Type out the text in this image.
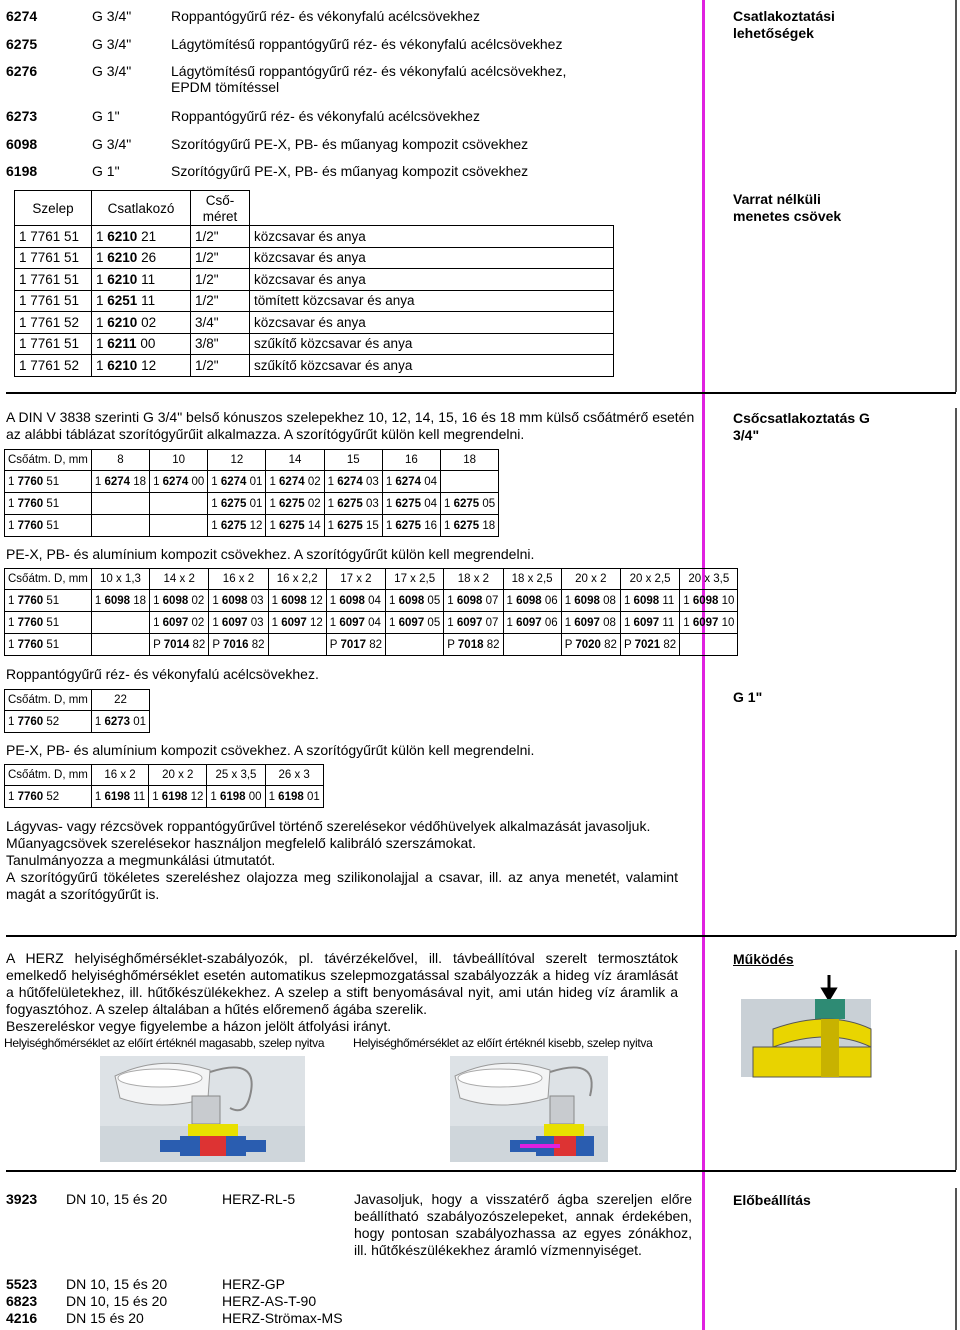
6274	G 3/4"	Roppantógyűrű réz- és vékonyfalú acélcsövekhez
6275	G 3/4"	Lágytömítésű roppantógyűrű réz- és vékonyfalú acélcsövekhez
6276	G 3/4"	Lágytömítésű roppantógyűrű réz- és vékonyfalú acélcsövekhez,
EPDM tömítéssel
6273	G 1"	Roppantógyűrű réz- és vékonyfalú acélcsövekhez
6098	G 3/4"	Szorítógyűrű PE-X, PB- és műanyag kompozit csövekhez
6198	G 1"	Szorítógyűrű PE-X, PB- és műanyag kompozit csövekhez
Csatlakoztatási lehetőségek
Varrat nélküli menetes csövek
Csőcsatlakoztatás G 3/4"
G 1"
Működés
Előbeállítás
Szelep	Csatlakozó	Cső-
méret	
1 7761 51	1 6210 21	1/2"	közcsavar és anya
1 7761 51	1 6210 26	1/2"	közcsavar és anya
1 7761 51	1 6210 11	1/2"	közcsavar és anya
1 7761 51	1 6251 11	1/2"	tömített közcsavar és anya
1 7761 52	1 6210 02	3/4"	közcsavar és anya
1 7761 51	1 6211 00	3/8"	szűkítő közcsavar és anya
1 7761 52	1 6210 12	1/2"	szűkítő közcsavar és anya
A DIN V 3838 szerinti G 3/4" belső kónuszos szelepekhez 10, 12, 14, 15, 16 és 18 mm külső csőátmérő esetén az alábbi táblázat szorítógyűrűit alkalmazza. A szorítógyűrűt külön kell megrendelni.
Csőátm. D, mm	8	10	12	14	15	16	18
1 7760 51	1 6274 18	1 6274 00	1 6274 01	1 6274 02	1 6274 03	1 6274 04	
1 7760 51			1 6275 01	1 6275 02	1 6275 03	1 6275 04	1 6275 05
1 7760 51			1 6275 12	1 6275 14	1 6275 15	1 6275 16	1 6275 18
PE-X, PB- és alumínium kompozit csövekhez. A szorítógyűrűt külön kell megrendelni.
Csőátm. D, mm	10 x 1,3	14 x 2	16 x 2	16 x 2,2	17 x 2	17 x 2,5	18 x 2	18 x 2,5	20 x 2	20 x 2,5	20 x 3,5
1 7760 51	1 6098 18	1 6098 02	1 6098 03	1 6098 12	1 6098 04	1 6098 05	1 6098 07	1 6098 06	1 6098 08	1 6098 11	1 6098 10
1 7760 51		1 6097 02	1 6097 03	1 6097 12	1 6097 04	1 6097 05	1 6097 07	1 6097 06	1 6097 08	1 6097 11	1 6097 10
1 7760 51		P 7014 82	P 7016 82		P 7017 82		P 7018 82		P 7020 82	P 7021 82	
Roppantógyűrű réz- és vékonyfalú acélcsövekhez.
Csőátm. D, mm	22
1 7760 52	1 6273 01
PE-X, PB- és alumínium kompozit csövekhez. A szorítógyűrűt külön kell megrendelni.
Csőátm. D, mm	16 x 2	20 x 2	25 x 3,5	26 x 3
1 7760 52	1 6198 11	1 6198 12	1 6198 00	1 6198 01

Lágyvas- vagy rézcsövek roppantógyűrűvel történő szerelésekor védőhüvelyek alkalmazását javasoljuk.

Műanyagcsövek szerelésekor használjon megfelelő kalibráló szerszámokat.

Tanulmányozza a megmunkálási útmutatót.

A szorítógyűrű tökéletes szereléshez olajozza meg szilikonolajjal a csavar, ill. az anya menetét, valamint magát a szorítógyűrűt is.

A HERZ helyiséghőmérséklet-szabályozók, pl. távérzékelővel, ill. távbeállítóval szerelt termosztátok emelkedő helyiséghőmérséklet esetén automatikus szelepmozgatással szabályozzák a hideg víz áramlását a hűtőfelületekhez, ill. hűtőkészülékekhez. A szelep a stift benyomásával nyit, ami után hideg víz áramlik a fogyasztóhoz. A szelep általában a hűtés előremenő ágába szerelik.

Beszereléskor vegye figyelembe a házon jelölt átfolyási irányt.

Helyiséghőmérséklet az előírt értéknél magasabb, szelep nyitva Helyiséghőmérséklet az előírt értéknél kisebb, szelep nyitva
3923 DN 10, 15 és 20	HERZ-RL-5	Javasoljuk, hogy a visszatérő ágba szereljen előre beállítható szabályozószelepeket, annak érdekében, hogy pontosan szabályozhassa az egyes zónákhoz, ill. hűtőkészülékekhez áramló vízmennyiséget.
5523 DN 10, 15 és 20	HERZ-GP
6823 DN 10, 15 és 20	HERZ-AS-T-90
4216 DN 15 és 20	HERZ-Strömax-MS
